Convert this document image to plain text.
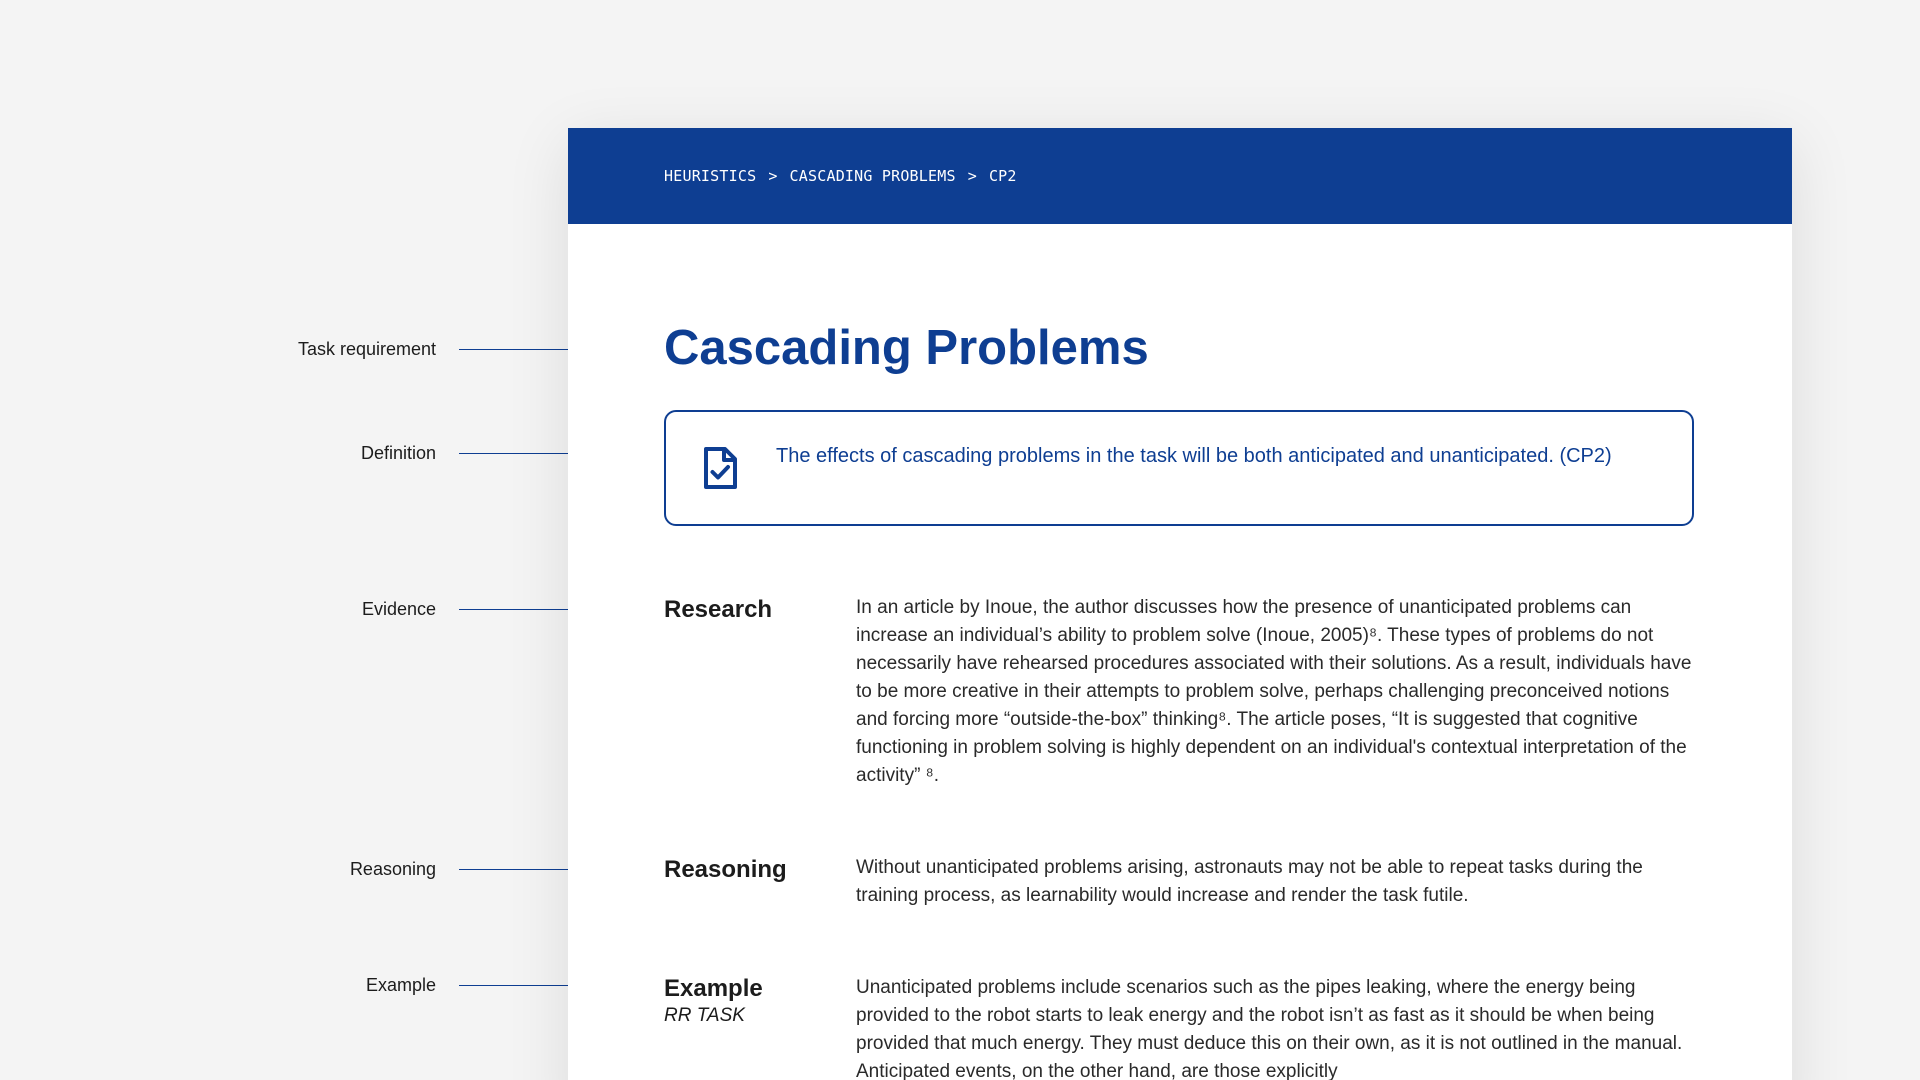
Task requirement
Definition
Evidence
Reasoning
Example
HEURISTICS > CASCADING PROBLEMS > CP2
Cascading Problems
The effects of cascading problems in the task will be both anticipated and unanticipated. (CP2)
Research	In an article by Inoue, the author discusses how the presence of unanticipated problems can increase an individual’s ability to problem solve (Inoue, 2005)⁸. These types of problems do not necessarily have rehearsed procedures associated with their solutions. As a result, individuals have to be more creative in their attempts to problem solve, perhaps challenging preconceived notions and forcing more “outside-the-box” thinking⁸. The article poses, “It is suggested that cognitive functioning in problem solving is highly dependent on an individual's contextual interpretation of the activity” ⁸.
Reasoning	Without unanticipated problems arising, astronauts may not be able to repeat tasks during the training process, as learnability would increase and render the task futile.
Example
RR TASK
Unanticipated problems include scenarios such as the pipes leaking, where the energy being provided to the robot starts to leak energy and the robot isn’t as fast as it should be when being provided that much energy. They must deduce this on their own, as it is not outlined in the manual. Anticipated events, on the other hand, are those explicitly
